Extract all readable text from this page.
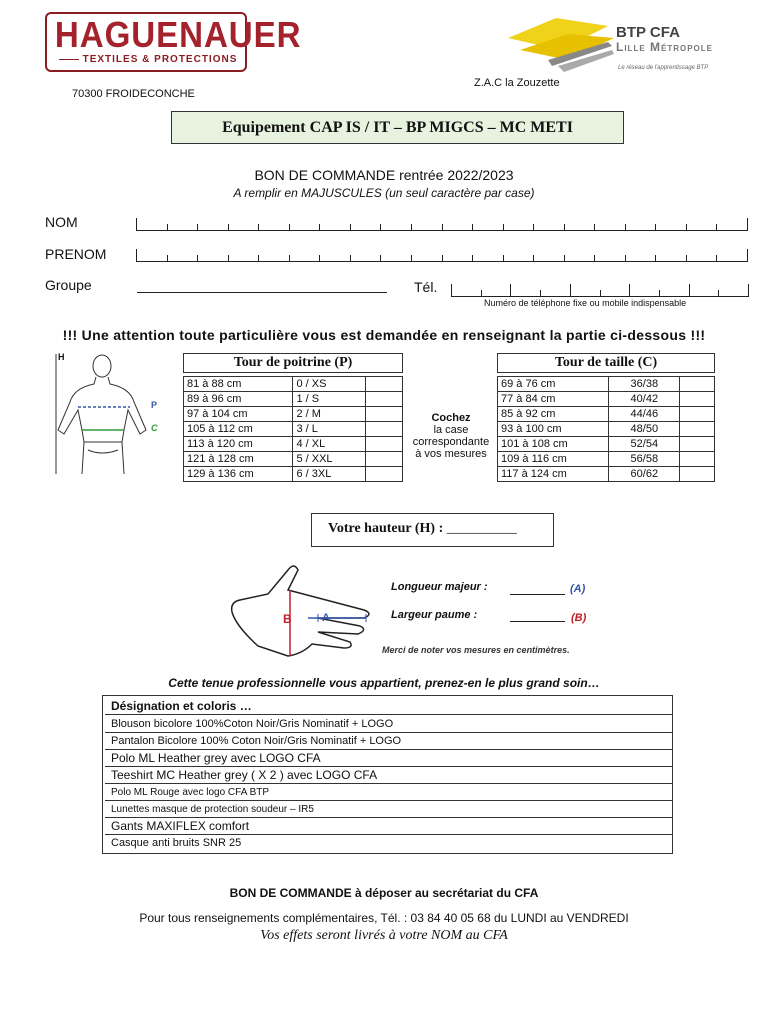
HAGUENAUER
TEXTILES & PROTECTIONS
70300 FROIDECONCHE
BTP CFA
Lille Métropole
Le réseau de l'apprentissage BTP
Z.A.C la Zouzette
Equipement CAP IS / IT – BP MIGCS – MC METI
BON DE COMMANDE rentrée 2022/2023
A remplir en MAJUSCULES (un seul caractère par case)
NOM
PRENOM
Groupe	Tél.
Numéro de téléphone fixe ou mobile indispensable
!!! Une attention toute particulière vous est demandée en renseignant la partie ci-dessous !!!
H
P
C
Tour de poitrine (P)
81 à 88 cm	0 / XS	
89 à 96 cm	1 / S	
97 à 104 cm	2 / M	
105 à 112 cm	3 / L	
113 à 120 cm	4 / XL	
121 à 128 cm	5 / XXL	
129 à 136 cm	6 / 3XL	
Cochez
la case
correspondante
à vos mesures
Tour de taille (C)
69 à 76 cm	36/38	
77 à 84 cm	40/42	
85 à 92 cm	44/46	
93 à 100 cm	48/50	
101 à 108 cm	52/54	
109 à 116 cm	56/58	
117 à 124 cm	60/62	
Votre hauteur (H) : __________
B	A
Longueur majeur :	(A)
Largeur paume :	(B)
Merci de noter vos mesures en centimètres.
Cette tenue professionnelle vous appartient, prenez-en le plus grand soin…
Désignation et coloris …
Blouson bicolore 100%Coton Noir/Gris Nominatif + LOGO
Pantalon Bicolore 100% Coton Noir/Gris Nominatif + LOGO
Polo ML Heather grey avec LOGO CFA
Teeshirt MC Heather grey ( X 2 ) avec LOGO CFA
Polo ML Rouge avec logo CFA BTP
Lunettes masque de protection soudeur – IR5
Gants MAXIFLEX comfort
Casque anti bruits SNR 25
BON DE COMMANDE à déposer au secrétariat du CFA
Pour tous renseignements complémentaires, Tél. : 03 84 40 05 68 du LUNDI au VENDREDI
Vos effets seront livrés à votre NOM au CFA
